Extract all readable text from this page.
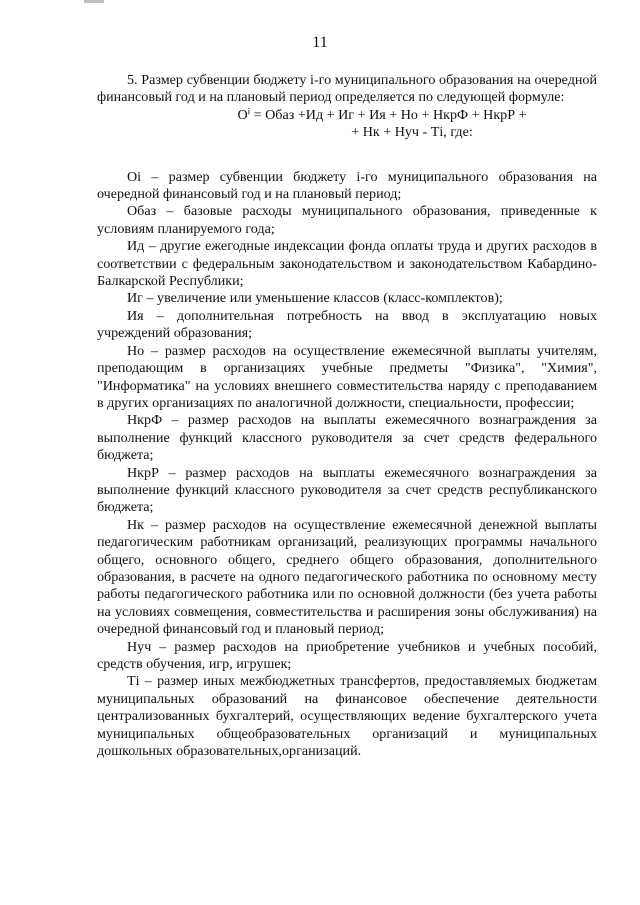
11

5. Размер субвенции бюджету i-го муниципального образования на очередной финансовый год и на плановый период определяется по следующей формуле:

Oⁱ = Oбаз +Ид + Иг + Ия + Но + НкрФ + НкрР +
+ Нк + Нуч - Тi, где:

Oi – размер субвенции бюджету i-го муниципального образования на очередной финансовый год и на плановый период;

Oбаз – базовые расходы муниципального образования, приведенные к условиям планируемого года;

Ид – другие ежегодные индексации фонда оплаты труда и других расходов в соответствии с федеральным законодательством и законодательством Кабардино-Балкарской Республики;

Иг – увеличение или уменьшение классов (класс-комплектов);

Ия – дополнительная потребность на ввод в эксплуатацию новых учреждений образования;

Но – размер расходов на осуществление ежемесячной выплаты учителям, преподающим в организациях учебные предметы "Физика", "Химия", "Информатика" на условиях внешнего совместительства наряду с преподаванием в других организациях по аналогичной должности, специальности, профессии;

НкрФ – размер расходов на выплаты ежемесячного вознаграждения за выполнение функций классного руководителя за счет средств федерального бюджета;

НкрР – размер расходов на выплаты ежемесячного вознаграждения за выполнение функций классного руководителя за счет средств республиканского бюджета;

Нк – размер расходов на осуществление ежемесячной денежной выплаты педагогическим работникам организаций, реализующих программы начального общего, основного общего, среднего общего образования, дополнительного образования, в расчете на одного педагогического работника по основному месту работы педагогического работника или по основной должности (без учета работы на условиях совмещения, совместительства и расширения зоны обслуживания) на очередной финансовый год и плановый период;

Нуч – размер расходов на приобретение учебников и учебных пособий, средств обучения, игр, игрушек;

Тi – размер иных межбюджетных трансфертов, предоставляемых бюджетам муниципальных образований на финансовое обеспечение деятельности централизованных бухгалтерий, осуществляющих ведение бухгалтерского учета муниципальных общеобразовательных организаций и муниципальных дошкольных образовательных,организаций.
